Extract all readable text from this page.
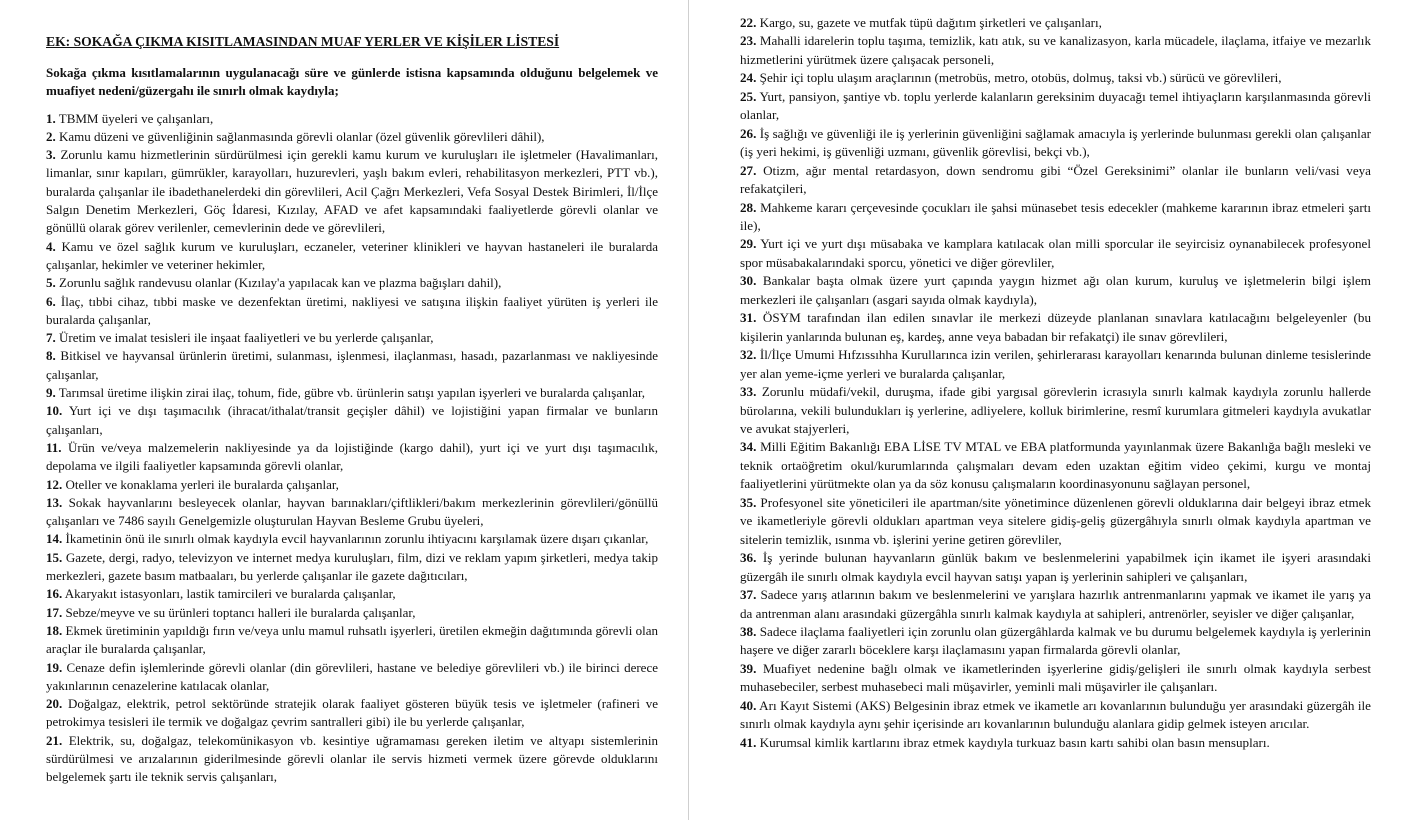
EK: SOKAĞA ÇIKMA KISITLAMASINDAN MUAF YERLER VE KİŞİLER LİSTESİ
Sokağa çıkma kısıtlamalarının uygulanacağı süre ve günlerde istisna kapsamında olduğunu belgelemek ve muafiyet nedeni/güzergahı ile sınırlı olmak kaydıyla;

1. TBMM üyeleri ve çalışanları,

2. Kamu düzeni ve güvenliğinin sağlanmasında görevli olanlar (özel güvenlik görevlileri dâhil),

3. Zorunlu kamu hizmetlerinin sürdürülmesi için gerekli kamu kurum ve kuruluşları ile işletmeler (Havalimanları, limanlar, sınır kapıları, gümrükler, karayolları, huzurevleri, yaşlı bakım evleri, rehabilitasyon merkezleri, PTT vb.), buralarda çalışanlar ile ibadethanelerdeki din görevlileri, Acil Çağrı Merkezleri, Vefa Sosyal Destek Birimleri, İl/İlçe Salgın Denetim Merkezleri, Göç İdaresi, Kızılay, AFAD ve afet kapsamındaki faaliyetlerde görevli olanlar ve gönüllü olarak görev verilenler, cemevlerinin dede ve görevlileri,

4. Kamu ve özel sağlık kurum ve kuruluşları, eczaneler, veteriner klinikleri ve hayvan hastaneleri ile buralarda çalışanlar, hekimler ve veteriner hekimler,

5. Zorunlu sağlık randevusu olanlar (Kızılay'a yapılacak kan ve plazma bağışları dahil),

6. İlaç, tıbbi cihaz, tıbbi maske ve dezenfektan üretimi, nakliyesi ve satışına ilişkin faaliyet yürüten iş yerleri ile buralarda çalışanlar,

7. Üretim ve imalat tesisleri ile inşaat faaliyetleri ve bu yerlerde çalışanlar,

8. Bitkisel ve hayvansal ürünlerin üretimi, sulanması, işlenmesi, ilaçlanması, hasadı, pazarlanması ve nakliyesinde çalışanlar,

9. Tarımsal üretime ilişkin zirai ilaç, tohum, fide, gübre vb. ürünlerin satışı yapılan işyerleri ve buralarda çalışanlar,

10. Yurt içi ve dışı taşımacılık (ihracat/ithalat/transit geçişler dâhil) ve lojistiğini yapan firmalar ve bunların çalışanları,

11. Ürün ve/veya malzemelerin nakliyesinde ya da lojistiğinde (kargo dahil), yurt içi ve yurt dışı taşımacılık, depolama ve ilgili faaliyetler kapsamında görevli olanlar,

12. Oteller ve konaklama yerleri ile buralarda çalışanlar,

13. Sokak hayvanlarını besleyecek olanlar, hayvan barınakları/çiftlikleri/bakım merkezlerinin görevlileri/gönüllü çalışanları ve 7486 sayılı Genelgemizle oluşturulan Hayvan Besleme Grubu üyeleri,

14. İkametinin önü ile sınırlı olmak kaydıyla evcil hayvanlarının zorunlu ihtiyacını karşılamak üzere dışarı çıkanlar,

15. Gazete, dergi, radyo, televizyon ve internet medya kuruluşları, film, dizi ve reklam yapım şirketleri, medya takip merkezleri, gazete basım matbaaları, bu yerlerde çalışanlar ile gazete dağıtıcıları,

16. Akaryakıt istasyonları, lastik tamircileri ve buralarda çalışanlar,

17. Sebze/meyve ve su ürünleri toptancı halleri ile buralarda çalışanlar,

18. Ekmek üretiminin yapıldığı fırın ve/veya unlu mamul ruhsatlı işyerleri, üretilen ekmeğin dağıtımında görevli olan araçlar ile buralarda çalışanlar,

19. Cenaze defin işlemlerinde görevli olanlar (din görevlileri, hastane ve belediye görevlileri vb.) ile birinci derece yakınlarının cenazelerine katılacak olanlar,

20. Doğalgaz, elektrik, petrol sektöründe stratejik olarak faaliyet gösteren büyük tesis ve işletmeler (rafineri ve petrokimya tesisleri ile termik ve doğalgaz çevrim santralleri gibi) ile bu yerlerde çalışanlar,

21. Elektrik, su, doğalgaz, telekomünikasyon vb. kesintiye uğramaması gereken iletim ve altyapı sistemlerinin sürdürülmesi ve arızalarının giderilmesinde görevli olanlar ile servis hizmeti vermek üzere görevde olduklarını belgelemek şartı ile teknik servis çalışanları,

22. Kargo, su, gazete ve mutfak tüpü dağıtım şirketleri ve çalışanları,

23. Mahalli idarelerin toplu taşıma, temizlik, katı atık, su ve kanalizasyon, karla mücadele, ilaçlama, itfaiye ve mezarlık hizmetlerini yürütmek üzere çalışacak personeli,

24. Şehir içi toplu ulaşım araçlarının (metrobüs, metro, otobüs, dolmuş, taksi vb.) sürücü ve görevlileri,

25. Yurt, pansiyon, şantiye vb. toplu yerlerde kalanların gereksinim duyacağı temel ihtiyaçların karşılanmasında görevli olanlar,

26. İş sağlığı ve güvenliği ile iş yerlerinin güvenliğini sağlamak amacıyla iş yerlerinde bulunması gerekli olan çalışanlar (iş yeri hekimi, iş güvenliği uzmanı, güvenlik görevlisi, bekçi vb.),

27. Otizm, ağır mental retardasyon, down sendromu gibi “Özel Gereksinimi” olanlar ile bunların veli/vasi veya refakatçileri,

28. Mahkeme kararı çerçevesinde çocukları ile şahsi münasebet tesis edecekler (mahkeme kararının ibraz etmeleri şartı ile),

29. Yurt içi ve yurt dışı müsabaka ve kamplara katılacak olan milli sporcular ile seyircisiz oynanabilecek profesyonel spor müsabakalarındaki sporcu, yönetici ve diğer görevliler,

30. Bankalar başta olmak üzere yurt çapında yaygın hizmet ağı olan kurum, kuruluş ve işletmelerin bilgi işlem merkezleri ile çalışanları (asgari sayıda olmak kaydıyla),

31. ÖSYM tarafından ilan edilen sınavlar ile merkezi düzeyde planlanan sınavlara katılacağını belgeleyenler (bu kişilerin yanlarında bulunan eş, kardeş, anne veya babadan bir refakatçi) ile sınav görevlileri,

32. İl/İlçe Umumi Hıfzıssıhha Kurullarınca izin verilen, şehirlerarası karayolları kenarında bulunan dinleme tesislerinde yer alan yeme-içme yerleri ve buralarda çalışanlar,

33. Zorunlu müdafi/vekil, duruşma, ifade gibi yargısal görevlerin icrasıyla sınırlı kalmak kaydıyla zorunlu hallerde bürolarına, vekili bulundukları iş yerlerine, adliyelere, kolluk birimlerine, resmî kurumlara gitmeleri kaydıyla avukatlar ve avukat stajyerleri,

34. Milli Eğitim Bakanlığı EBA LİSE TV MTAL ve EBA platformunda yayınlanmak üzere Bakanlığa bağlı mesleki ve teknik ortaöğretim okul/kurumlarında çalışmaları devam eden uzaktan eğitim video çekimi, kurgu ve montaj faaliyetlerini yürütmekte olan ya da söz konusu çalışmaların koordinasyonunu sağlayan personel,

35. Profesyonel site yöneticileri ile apartman/site yönetimince düzenlenen görevli olduklarına dair belgeyi ibraz etmek ve ikametleriyle görevli oldukları apartman veya sitelere gidiş-geliş güzergâhıyla sınırlı olmak kaydıyla apartman ve sitelerin temizlik, ısınma vb. işlerini yerine getiren görevliler,

36. İş yerinde bulunan hayvanların günlük bakım ve beslenmelerini yapabilmek için ikamet ile işyeri arasındaki güzergâh ile sınırlı olmak kaydıyla evcil hayvan satışı yapan iş yerlerinin sahipleri ve çalışanları,

37. Sadece yarış atlarının bakım ve beslenmelerini ve yarışlara hazırlık antrenmanlarını yapmak ve ikamet ile yarış ya da antrenman alanı arasındaki güzergâhla sınırlı kalmak kaydıyla at sahipleri, antrenörler, seyisler ve diğer çalışanlar,

38. Sadece ilaçlama faaliyetleri için zorunlu olan güzergâhlarda kalmak ve bu durumu belgelemek kaydıyla iş yerlerinin haşere ve diğer zararlı böceklere karşı ilaçlamasını yapan firmalarda görevli olanlar,

39. Muafiyet nedenine bağlı olmak ve ikametlerinden işyerlerine gidiş/gelişleri ile sınırlı olmak kaydıyla serbest muhasebeciler, serbest muhasebeci mali müşavirler, yeminli mali müşavirler ile çalışanları.

40. Arı Kayıt Sistemi (AKS) Belgesinin ibraz etmek ve ikametle arı kovanlarının bulunduğu yer arasındaki güzergâh ile sınırlı olmak kaydıyla aynı şehir içerisinde arı kovanlarının bulunduğu alanlara gidip gelmek isteyen arıcılar.

41. Kurumsal kimlik kartlarını ibraz etmek kaydıyla turkuaz basın kartı sahibi olan basın mensupları.
